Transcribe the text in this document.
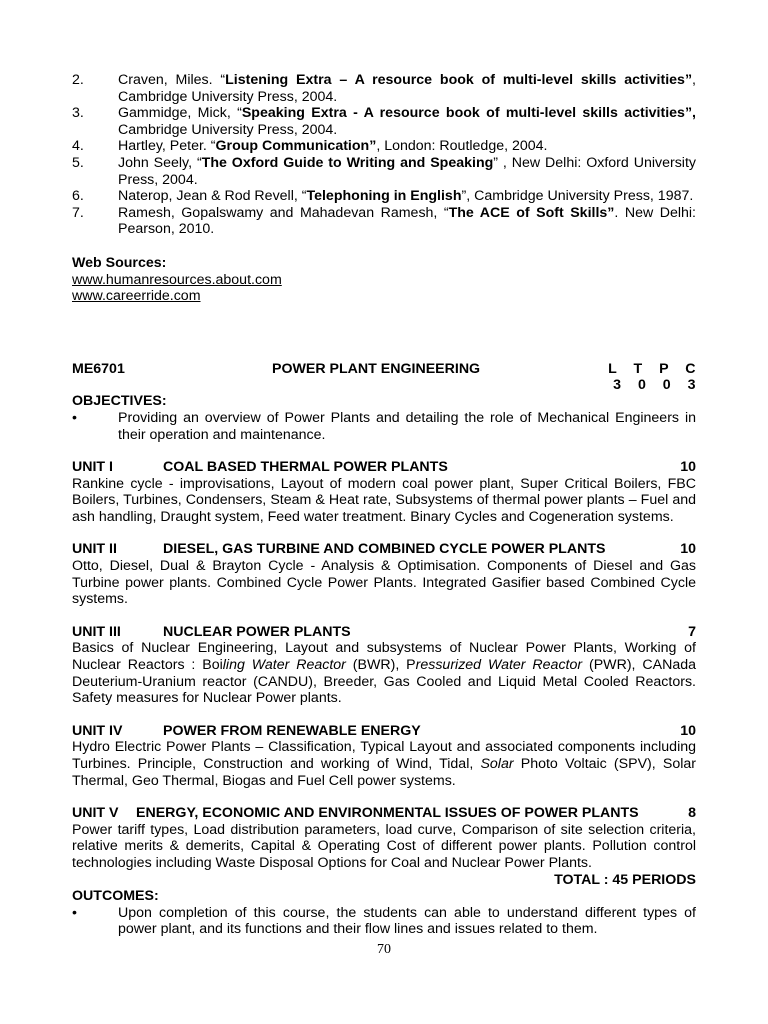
2.	Craven, Miles. “Listening Extra – A resource book of multi-level skills activities”, Cambridge University Press, 2004.
3.	Gammidge, Mick, “Speaking Extra - A resource book of multi-level skills activities”, Cambridge University Press, 2004.
4.	Hartley, Peter. “Group Communication”, London: Routledge, 2004.
5.	John Seely, “The Oxford Guide to Writing and Speaking” , New Delhi: Oxford University Press, 2004.
6.	Naterop, Jean & Rod Revell, “Telephoning in English”, Cambridge University Press, 1987.
7.	Ramesh, Gopalswamy and Mahadevan Ramesh, “The ACE of Soft Skills”. New Delhi: Pearson, 2010.
Web Sources:
www.humanresources.about.com
www.careerride.com
ME6701	POWER PLANT ENGINEERING	L T P C
3 0 0 3
OBJECTIVES:
•	Providing an overview of Power Plants and detailing the role of Mechanical Engineers in their operation and maintenance.
UNIT I	COAL BASED THERMAL POWER PLANTS	10
Rankine cycle - improvisations, Layout of modern coal power plant, Super Critical Boilers, FBC Boilers, Turbines, Condensers, Steam & Heat rate, Subsystems of thermal power plants – Fuel and ash handling, Draught system, Feed water treatment. Binary Cycles and Cogeneration systems.
UNIT II	DIESEL, GAS TURBINE AND COMBINED CYCLE POWER PLANTS	10
Otto, Diesel, Dual & Brayton Cycle - Analysis & Optimisation. Components of Diesel and Gas Turbine power plants. Combined Cycle Power Plants. Integrated Gasifier based Combined Cycle systems.
UNIT III	NUCLEAR POWER PLANTS	7
Basics of Nuclear Engineering, Layout and subsystems of Nuclear Power Plants, Working of Nuclear Reactors : Boiling Water Reactor (BWR), Pressurized Water Reactor (PWR), CANada Deuterium-Uranium reactor (CANDU), Breeder, Gas Cooled and Liquid Metal Cooled Reactors. Safety measures for Nuclear Power plants.
UNIT IV	POWER FROM RENEWABLE ENERGY	10
Hydro Electric Power Plants – Classification, Typical Layout and associated components including Turbines. Principle, Construction and working of Wind, Tidal, Solar Photo Voltaic (SPV), Solar Thermal, Geo Thermal, Biogas and Fuel Cell power systems.
UNIT V	ENERGY, ECONOMIC AND ENVIRONMENTAL ISSUES OF POWER PLANTS	8
Power tariff types, Load distribution parameters, load curve, Comparison of site selection criteria, relative merits & demerits, Capital & Operating Cost of different power plants. Pollution control technologies including Waste Disposal Options for Coal and Nuclear Power Plants.
TOTAL : 45 PERIODS
OUTCOMES:
•	Upon completion of this course, the students can able to understand different types of power plant, and its functions and their flow lines and issues related to them.
70
